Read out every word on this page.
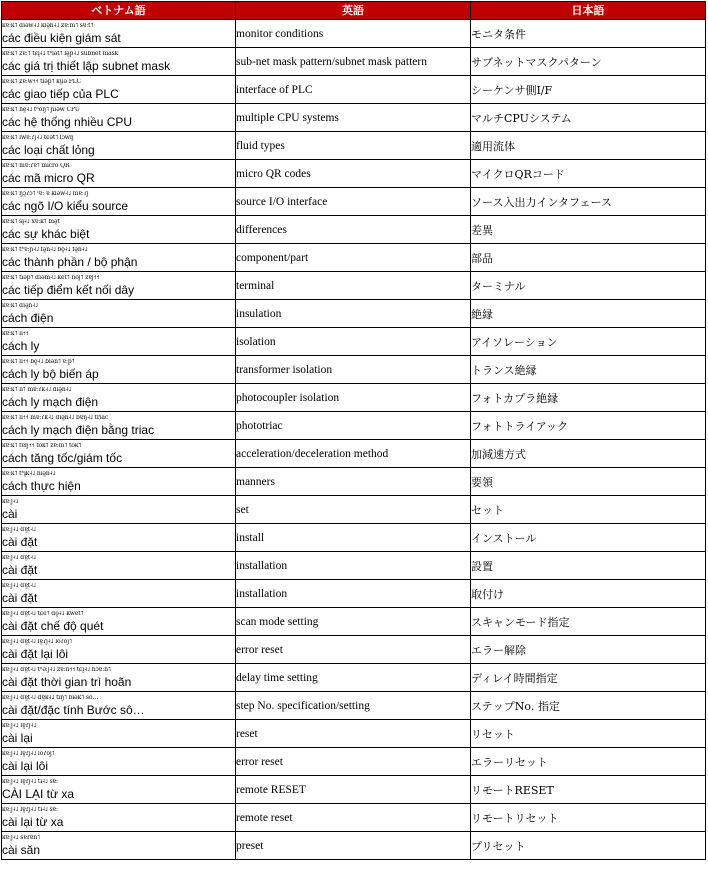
ベトナム語	英語	日本語

kɐːk˦ ɗiəw˨˩ kiə̰n˨˩ zɐːm˦ sɐːt˦
các điều kiện giám sát	monitor conditions	モニタ条件

kɐːk˦ zɐː˦ tɕḭ˨˩ tʰiət˦ lə̰p˨˩ subnet mask
các giá trị thiết lập subnet mask	sub-net mask pattern/subnet mask pattern	サブネットマスクパターン

kɐːk˦ zɐːw˧˧ tiəp˦ kṵə PLC
các giao tiếp của PLC	interface of PLC	シーケンサ側I/F

kɐːk˦ hḛ˨˩ tʰoŋ˦ ɲiəw CPU
các hệ thống nhiều CPU	multiple CPU systems	マルチCPUシステム

kɐːk˦ lwɐːʔj˨˩ tɕət˦ lɔwŋ
các loại chất lỏng	fluid types	適用流体

kɐːk˦ mɐːʔɐ˦ micro QR
các mã micro QR	micro QR codes	マイクロQRコード

kɐːk˦ ŋɔ̰ʔɔ˦ ˀɐː ɐ kiəw˨˩ mɐːʔj
các ngõ I/O kiểu source	source I/O interface	ソース入出力インタフェース

kɐːk˦ sɨ̰˨˩ xɐːk˦ ɓiə̰t
các sự khác biệt	differences	差異

kɐːk˦ tʰɐːɲ˨˩ fə̰n˨˩ ɓo̰˨˩ fə̰n˨˩
các thành phần / bộ phận	component/part	部品

kɐːk˦ tiəp˦ ɗiəm˨˩ ket˦ noj˦ zɐj˧˧
các tiếp điểm kết nối dây	terminal	ターミナル

kɐːk˦ ɗiə̰n˨˩
cách điện	insulation	絶縁

kɐːk˦ li˧˧
cách ly	isolation	アイソレーション

kɐːk˦ li˧˧ ɓo̰˨˩ ɓiən˦ ɐːp˦
cách ly bộ biến áp	transformer isolation	トランス絶縁

kɐːk˦ li˦ mɐːʔk˨˩ ɗiə̰n˨˩
cách ly mạch điện	photocoupler isolation	フォトカプラ絶縁

kɐːk˦ li˧˧ mɐːʔk˨˩ ɗiə̰n˨˩ ɓɐŋ˨˩ triac
cách ly mạch điện bằng triac	phototriac	フォトトライアック

kɐːk˦ tɐŋ˧˧ tok˦ zɐːm˦ tok˦
cách tăng tốc/giám tốc	acceleration/deceleration method	加減速方式

kɐːk˦ tʰɨ̰k˨˩ hiə̰n˨˩
cách thực hiện	manners	要領

kɐːj˨˩
cài	set	セット

kɐːj˨˩ ɗɐ̰t˨˩
cài đặt	install	インストール

kɐːj˨˩ ɗɐ̰t˨˩
cài đặt	installation	設置

kɐːj˨˩ ɗɐ̰t˨˩
cài đặt	installation	取付け

kɐːj˨˩ ɗɐ̰t˨˩ tɕe˦ ɗo̰˨˩ kwet˦
cài đặt chế độ quét	scan mode setting	スキャンモード指定

kɐːj˨˩ ɗɐ̰t˨˩ lɐ̰ʔj˨˩ loʔoj˦
cài đặt lại lôi	error reset	エラー解除

kɐːj˨˩ ɗɐ̰t˨˩ tʰəːj˨˩ zɐːn˧˧ tɕḭ˨˩ hɔɐːn˦
cài đặt thời gian trì hoãn	delay time setting	ディレイ時間指定

kɐːj˨˩ ɗɐ̰t˨˩ ɗɐ̰k˨˩ tiŋ˦ ɓɨək˦ số…
cài đặt/đặc tính Bước sô…	step No. specification/setting	ステップNo. 指定

kɐːj˨˩ lɐ̰ʔj˨˩
cài lại	reset	リセット

kɐːj˨˩ lɐ̰ʔj˨˩ loʔoj˦
cài lại lôi	error reset	エラーリセット

kɐːj˨˩ lɐ̰ʔj˨˩ tɨ˨˩ sɐː
CÀI LẠI từ xa	remote RESET	リモートRESET

kɐːj˨˩ lɐ̰ʔj˨˩ tɨ˨˩ sɐː
cài lại từ xa	remote reset	リモートリセット

kɐːj˨˩ sɐʔɐn˦
cài săn	preset	プリセット
